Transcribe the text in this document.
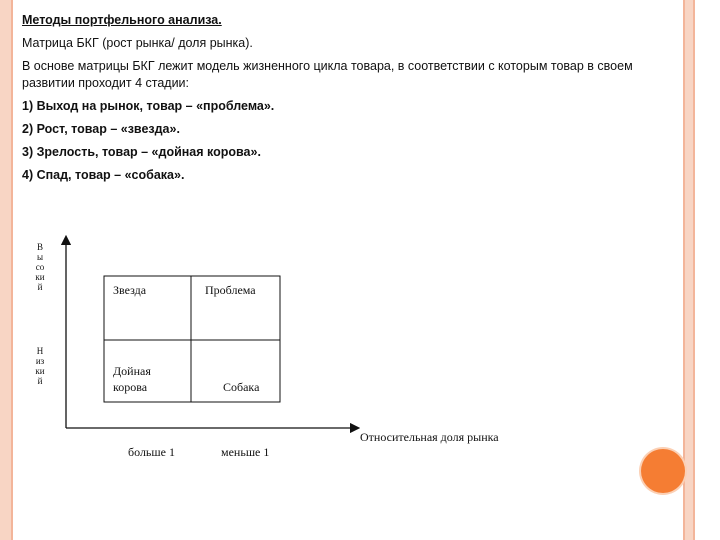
Методы портфельного анализа.

Матрица БКГ (рост рынка/ доля рынка).

В основе матрицы БКГ лежит модель жизненного цикла товара, в соответствии с которым товар в своем развитии проходит 4 стадии:

1) Выход на рынок, товар – «проблема».

2) Рост, товар – «звезда».

3) Зрелость, товар – «дойная корова».

4) Спад, товар – «собака».

Высокий
Низкий
Звезда	Проблема
Дойная
корова	Собака
Относительная доля рынка
больше 1	меньше 1
